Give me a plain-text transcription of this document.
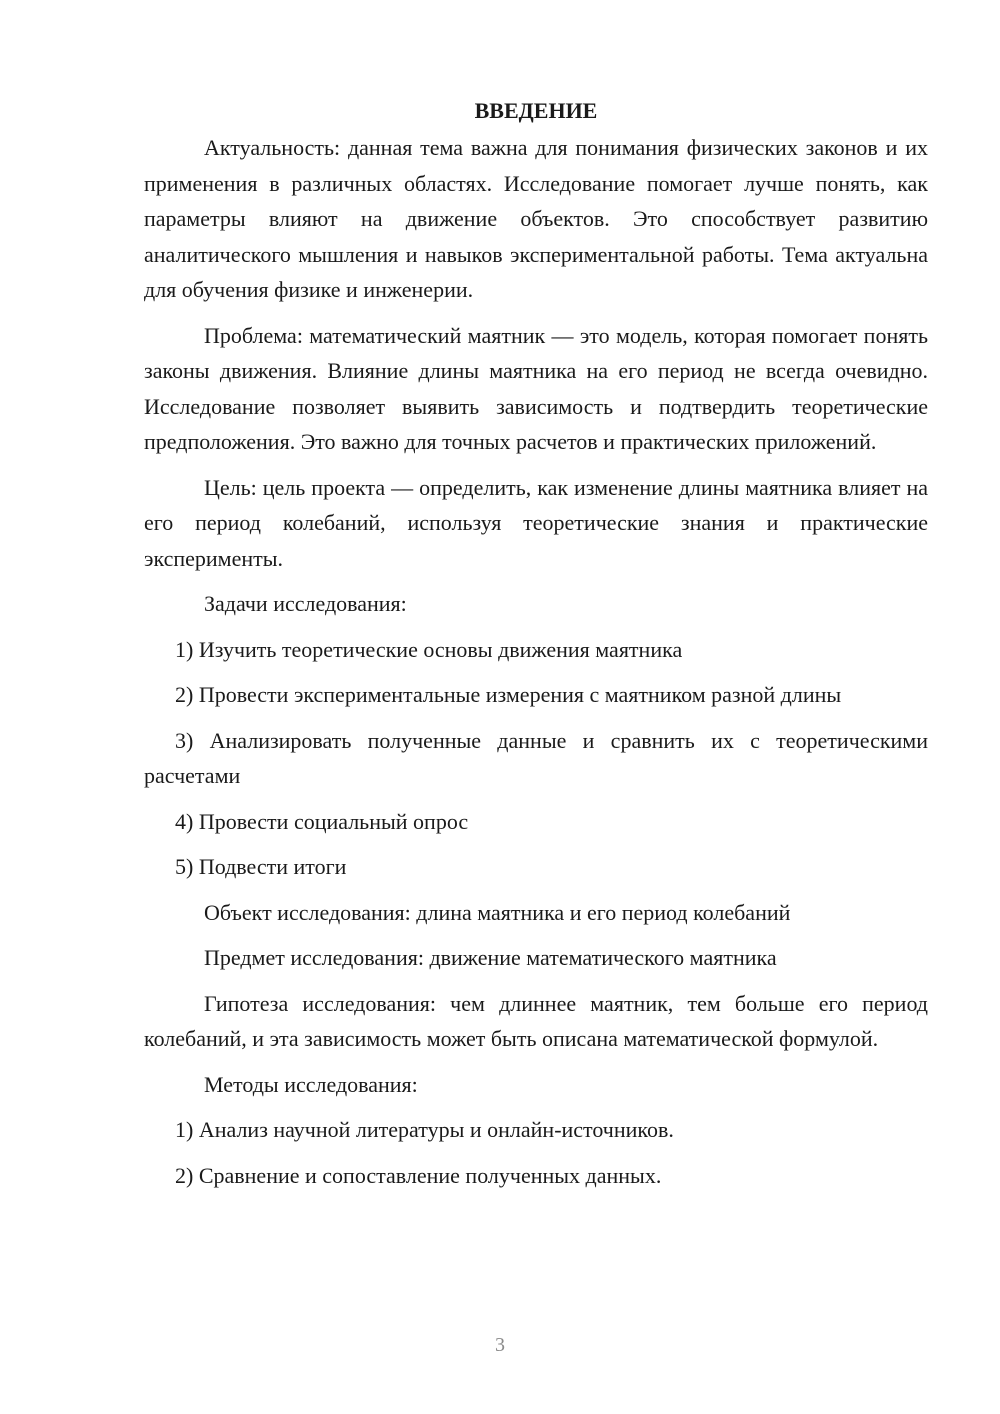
ВВЕДЕНИЕ

Актуальность: данная тема важна для понимания физических законов и их применения в различных областях. Исследование помогает лучше понять, как параметры влияют на движение объектов. Это способствует развитию аналитического мышления и навыков экспериментальной работы. Тема актуальна для обучения физике и инженерии.

Проблема: математический маятник — это модель, которая помогает понять законы движения. Влияние длины маятника на его период не всегда очевидно. Исследование позволяет выявить зависимость и подтвердить теоретические предположения. Это важно для точных расчетов и практических приложений.

Цель: цель проекта — определить, как изменение длины маятника влияет на его период колебаний, используя теоретические знания и практические эксперименты.

Задачи исследования:

1) Изучить теоретические основы движения маятника

2) Провести экспериментальные измерения с маятником разной длины

3) Анализировать полученные данные и сравнить их с теоретическими расчетами

4) Провести социальный опрос

5) Подвести итоги

Объект исследования: длина маятника и его период колебаний

Предмет исследования: движение математического маятника

Гипотеза исследования: чем длиннее маятник, тем больше его период колебаний, и эта зависимость может быть описана математической формулой.

Методы исследования:

1) Анализ научной литературы и онлайн-источников.

2) Сравнение и сопоставление полученных данных.

3
